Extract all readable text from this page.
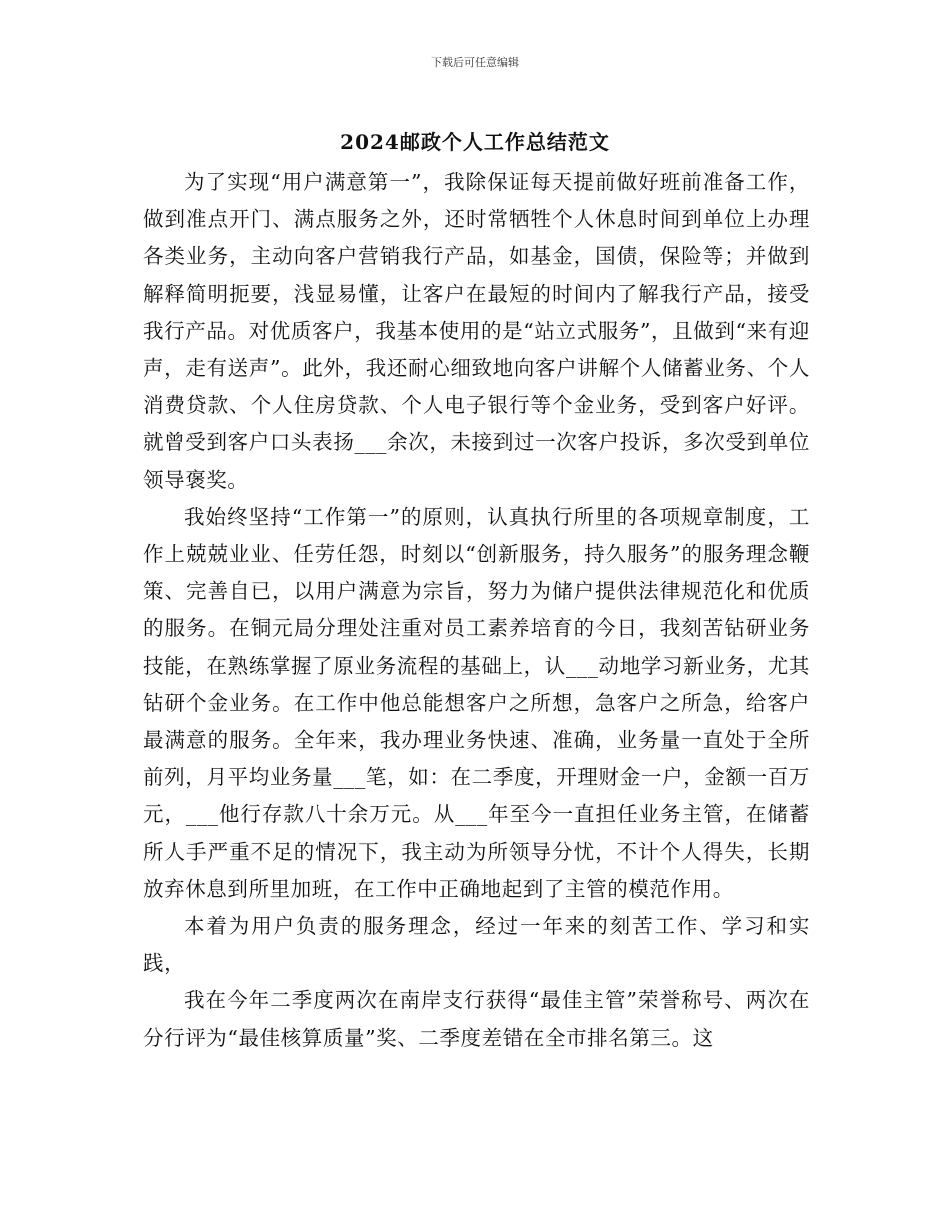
下载后可任意编辑
2024邮政个人工作总结范文

为了实现“用户满意第一”，我除保证每天提前做好班前准备工作，做到准点开门、满点服务之外，还时常牺牲个人休息时间到单位上办理各类业务，主动向客户营销我行产品，如基金，国债，保险等；并做到解释简明扼要，浅显易懂，让客户在最短的时间内了解我行产品，接受我行产品。对优质客户，我基本使用的是“站立式服务”，且做到“来有迎声，走有送声”。此外，我还耐心细致地向客户讲解个人储蓄业务、个人消费贷款、个人住房贷款、个人电子银行等个金业务，受到客户好评。就曾受到客户口头表扬___余次，未接到过一次客户投诉，多次受到单位领导褒奖。

我始终坚持“工作第一”的原则，认真执行所里的各项规章制度，工作上兢兢业业、任劳任怨，时刻以“创新服务，持久服务”的服务理念鞭策、完善自已，以用户满意为宗旨，努力为储户提供法律规范化和优质的服务。在铜元局分理处注重对员工素养培育的今日，我刻苦钻研业务技能，在熟练掌握了原业务流程的基础上，认___动地学习新业务，尤其钻研个金业务。在工作中他总能想客户之所想，急客户之所急，给客户最满意的服务。全年来，我办理业务快速、准确，业务量一直处于全所前列，月平均业务量___笔，如：在二季度，开理财金一户，金额一百万元，___他行存款八十余万元。从___年至今一直担任业务主管，在储蓄所人手严重不足的情况下，我主动为所领导分忧，不计个人得失，长期放弃休息到所里加班，在工作中正确地起到了主管的模范作用。

本着为用户负责的服务理念，经过一年来的刻苦工作、学习和实践，

我在今年二季度两次在南岸支行获得“最佳主管”荣誉称号、两次在分行评为“最佳核算质量”奖、二季度差错在全市排名第三。这
